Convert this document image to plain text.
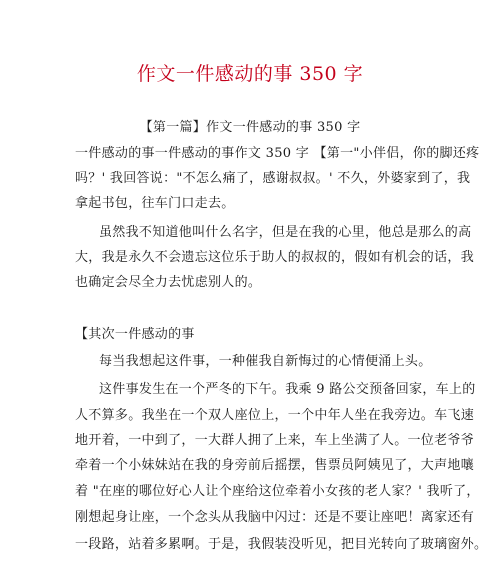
作文一件感动的事 350 字
【第一篇】作文一件感动的事 350 字
一件感动的事一件感动的事作文 350 字 【第一"小伴侣，你的脚还疼
吗？' 我回答说："不怎么痛了，感谢叔叔。' 不久，外婆家到了，我
拿起书包，往车门口走去。
虽然我不知道他叫什么名字，但是在我的心里，他总是那么的高
大，我是永久不会遗忘这位乐于助人的叔叔的，假如有机会的话，我
也确定会尽全力去忧虑别人的。
【其次一件感动的事
每当我想起这件事，一种催我自新悔过的心情便涌上头。
这件事发生在一个严冬的下午。我乘 9 路公交预备回家，车上的
人不算多。我坐在一个双人座位上，一个中年人坐在我旁边。车飞速
地开着，一中到了，一大群人拥了上来，车上坐满了人。一位老爷爷
牵着一个小妹妹站在我的身旁前后摇摆，售票员阿姨见了，大声地嚷
着 "在座的哪位好心人让个座给这位牵着小女孩的老人家？' 我听了，
刚想起身让座，一个念头从我脑中闪过：还是不要让座吧！离家还有
一段路，站着多累啊。于是，我假装没听见，把目光转向了玻璃窗外。
